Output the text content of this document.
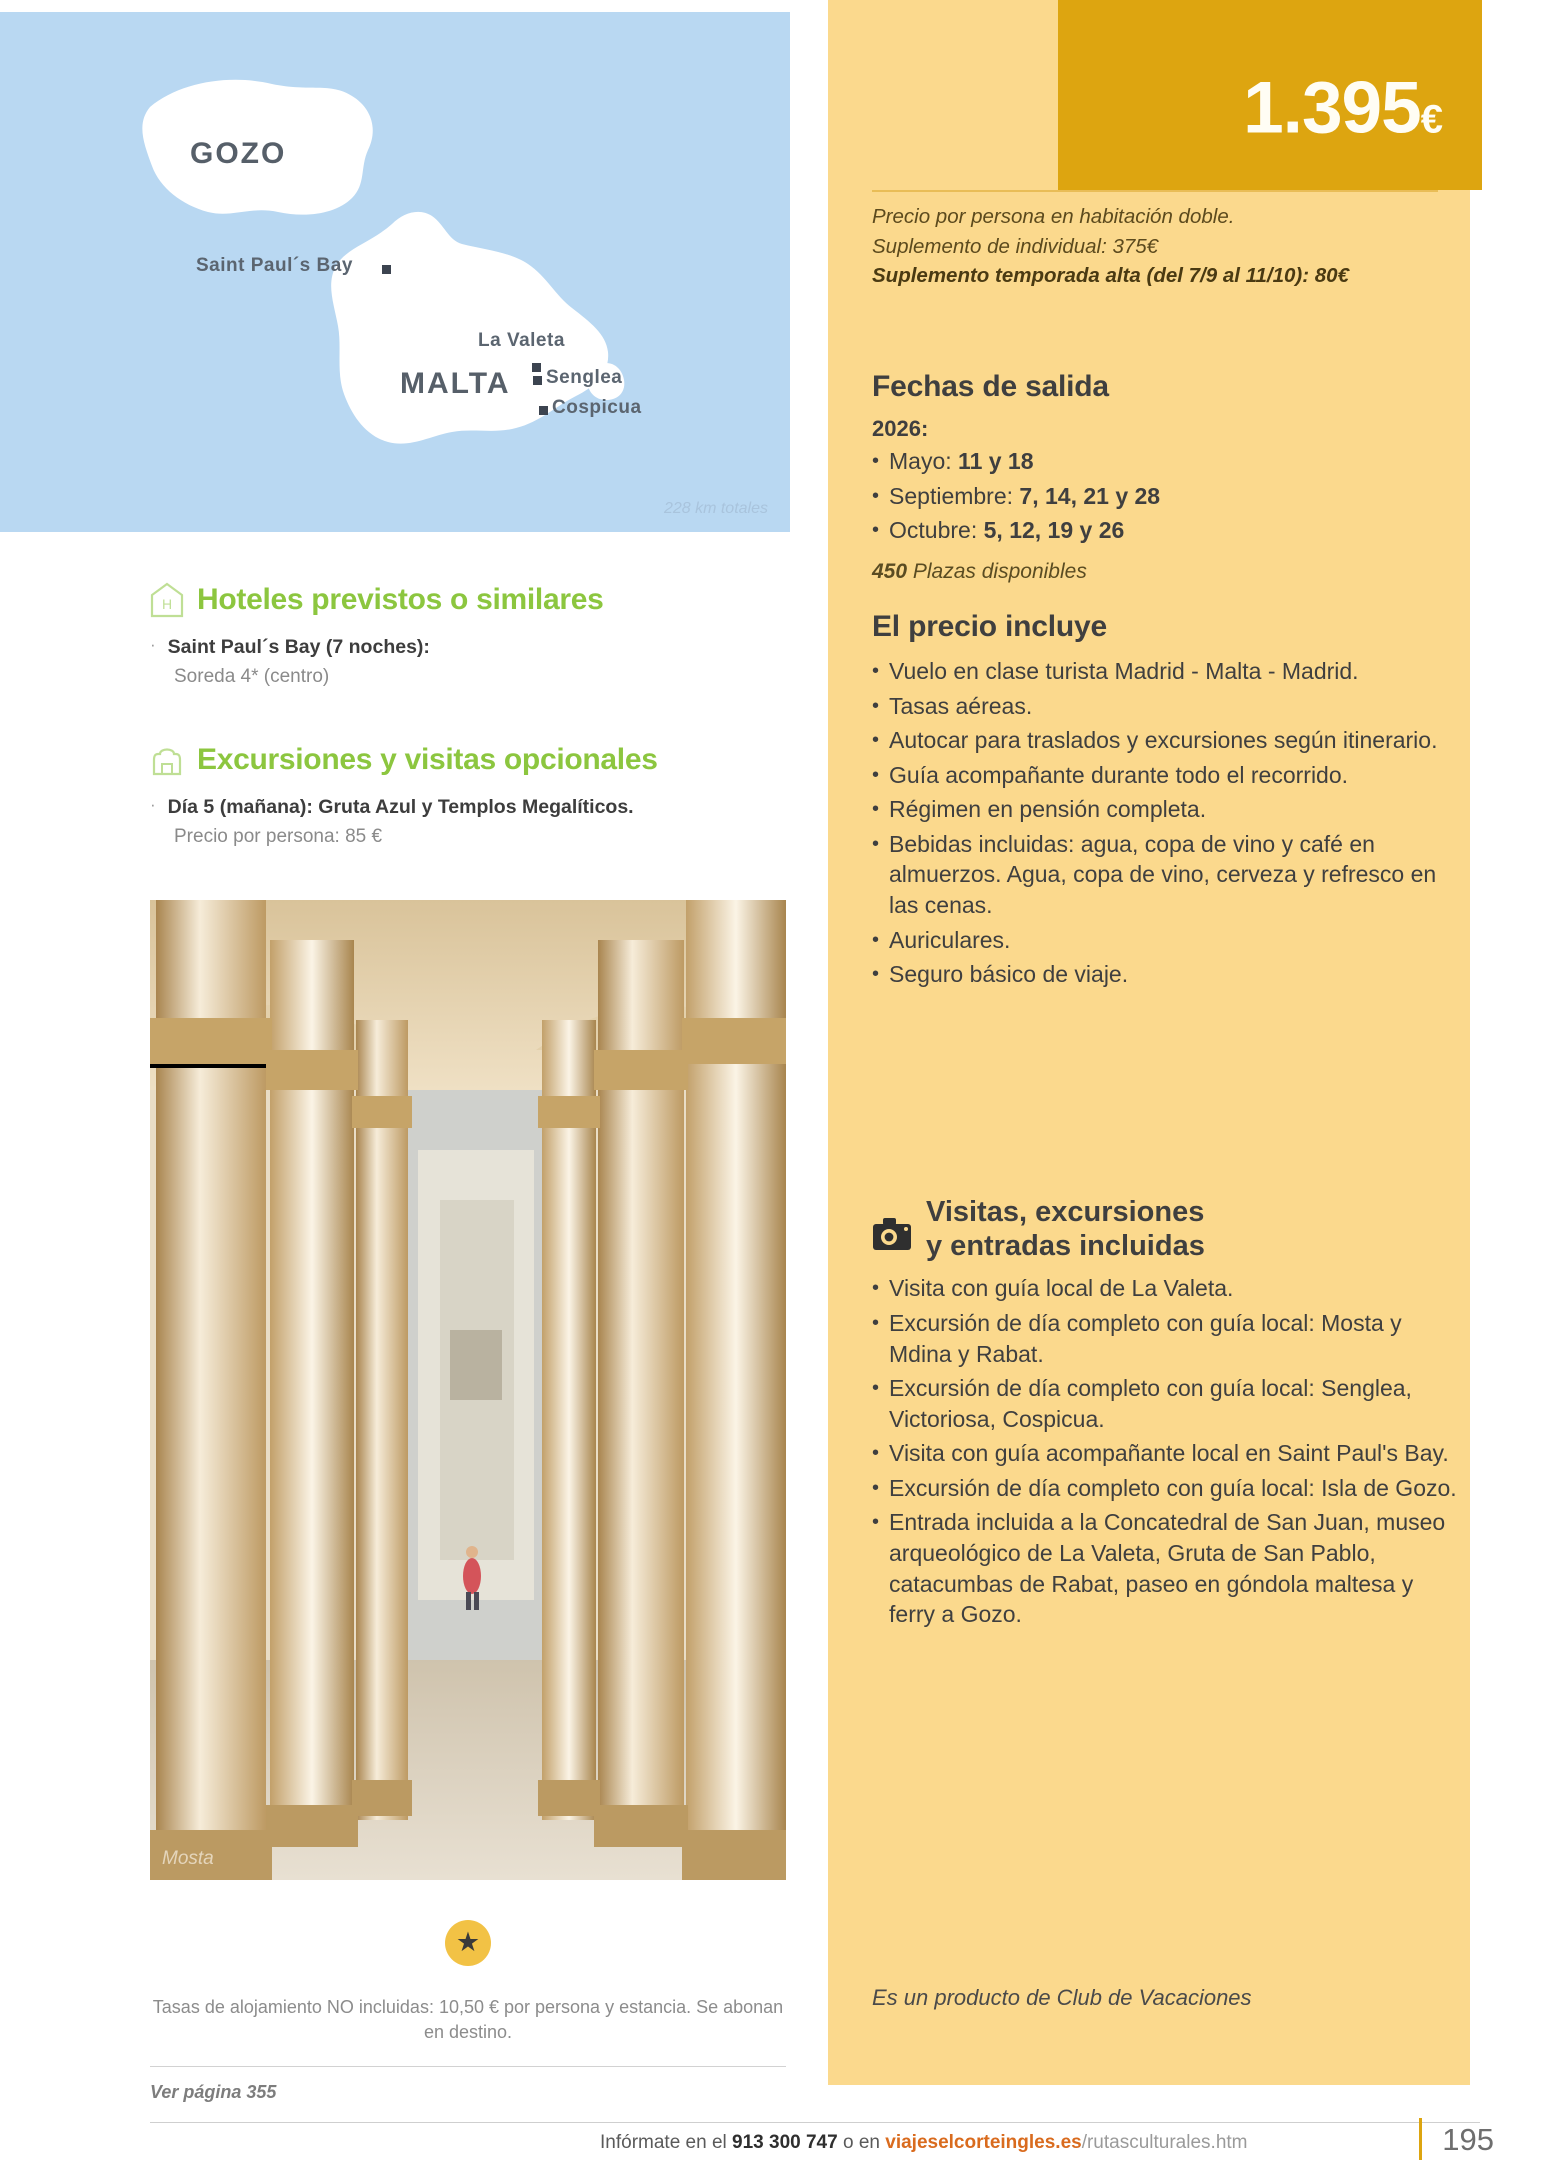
GOZO
MALTA
Saint Paul´s Bay
La Valeta
Senglea
Cospicua
228 km totales
H Hoteles previstos o similares
· Saint Paul´s Bay (7 noches):
Soreda 4* (centro)
Excursiones y visitas opcionales
· Día 5 (mañana): Gruta Azul y Templos Megalíticos.
Precio por persona: 85 €
Mosta
★
Tasas de alojamiento NO incluidas: 10,50 € por persona y estancia. Se abonan en destino.
Ver página 355
1.395€
Precio por persona en habitación doble.
Suplemento de individual: 375€
Suplemento temporada alta (del 7/9 al 11/10): 80€
Fechas de salida
2026:
• Mayo: 11 y 18
• Septiembre: 7, 14, 21 y 28
• Octubre: 5, 12, 19 y 26
450 Plazas disponibles
El precio incluye
• Vuelo en clase turista Madrid - Malta - Madrid.
• Tasas aéreas.
• Autocar para traslados y excursiones según itinerario.
• Guía acompañante durante todo el recorrido.
• Régimen en pensión completa.
• Bebidas incluidas: agua, copa de vino y café en almuerzos. Agua, copa de vino, cerveza y refresco en las cenas.
• Auriculares.
• Seguro básico de viaje.
Visitas, excursiones
y entradas incluidas
• Visita con guía local de La Valeta.
• Excursión de día completo con guía local: Mosta y Mdina y Rabat.
• Excursión de día completo con guía local: Senglea, Victoriosa, Cospicua.
• Visita con guía acompañante local en Saint Paul's Bay.
• Excursión de día completo con guía local: Isla de Gozo.
• Entrada incluida a la Concatedral de San Juan, museo arqueológico de La Valeta, Gruta de San Pablo, catacumbas de Rabat, paseo en góndola maltesa y ferry a Gozo.
Es un producto de Club de Vacaciones
Infórmate en el 913 300 747 o en viajeselcorteingles.es/rutasculturales.htm	195
